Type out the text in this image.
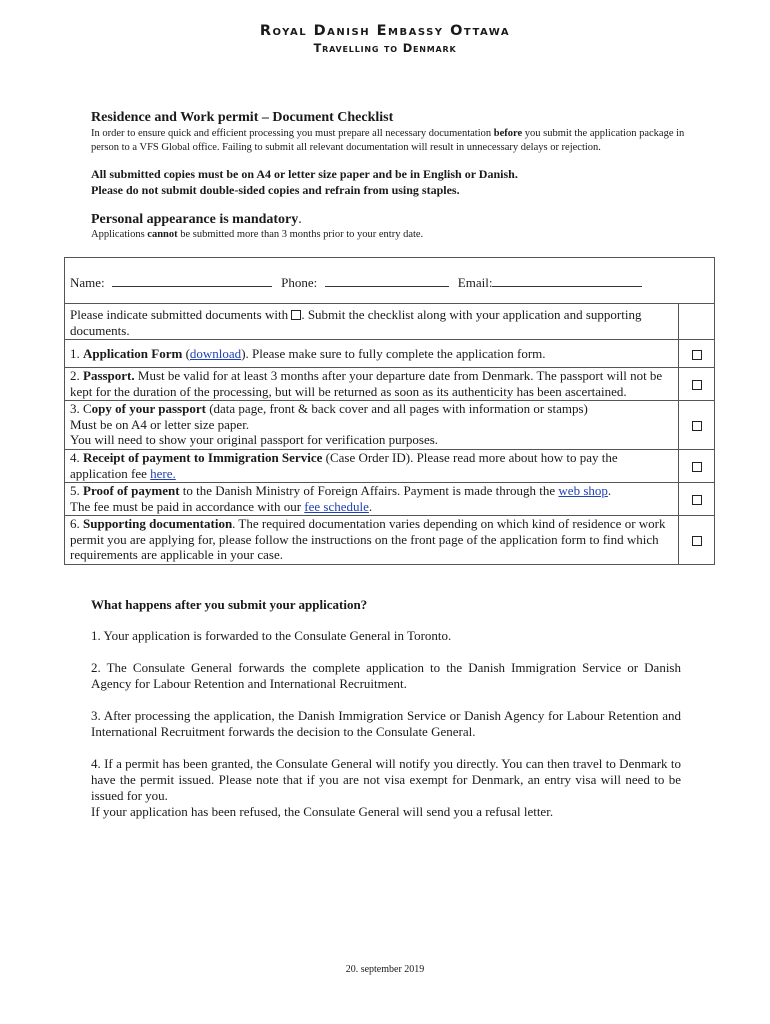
Royal Danish Embassy Ottawa
Travelling to Denmark
Residence and Work permit – Document Checklist
In order to ensure quick and efficient processing you must prepare all necessary documentation before you submit the application package in person to a VFS Global office. Failing to submit all relevant documentation will result in unnecessary delays or rejection.
All submitted copies must be on A4 or letter size paper and be in English or Danish.
Please do not submit double-sided copies and refrain from using staples.
Personal appearance is mandatory.
Applications cannot be submitted more than 3 months prior to your entry date.
Name: Phone: Email:	
Please indicate submitted documents with . Submit the checklist along with your application and supporting documents.	
1. Application Form (download). Please make sure to fully complete the application form.	
2. Passport. Must be valid for at least 3 months after your departure date from Denmark. The passport will not be kept for the duration of the processing, but will be returned as soon as its authenticity has been ascertained.	
3. Copy of your passport (data page, front & back cover and all pages with information or stamps)
Must be on A4 or letter size paper.
You will need to show your original passport for verification purposes.	
4. Receipt of payment to Immigration Service (Case Order ID). Please read more about how to pay the application fee here.	
5. Proof of payment to the Danish Ministry of Foreign Affairs. Payment is made through the web shop.
The fee must be paid in accordance with our fee schedule.	
6. Supporting documentation. The required documentation varies depending on which kind of residence or work permit you are applying for, please follow the instructions on the front page of the application form to find which requirements are applicable in your case.	
What happens after you submit your application?
1. Your application is forwarded to the Consulate General in Toronto.
2. The Consulate General forwards the complete application to the Danish Immigration Service or Danish Agency for Labour Retention and International Recruitment.
3. After processing the application, the Danish Immigration Service or Danish Agency for Labour Retention and International Recruitment forwards the decision to the Consulate General.
4. If a permit has been granted, the Consulate General will notify you directly. You can then travel to Denmark to have the permit issued. Please note that if you are not visa exempt for Denmark, an entry visa will need to be issued for you.
If your application has been refused, the Consulate General will send you a refusal letter.
20. september 2019
